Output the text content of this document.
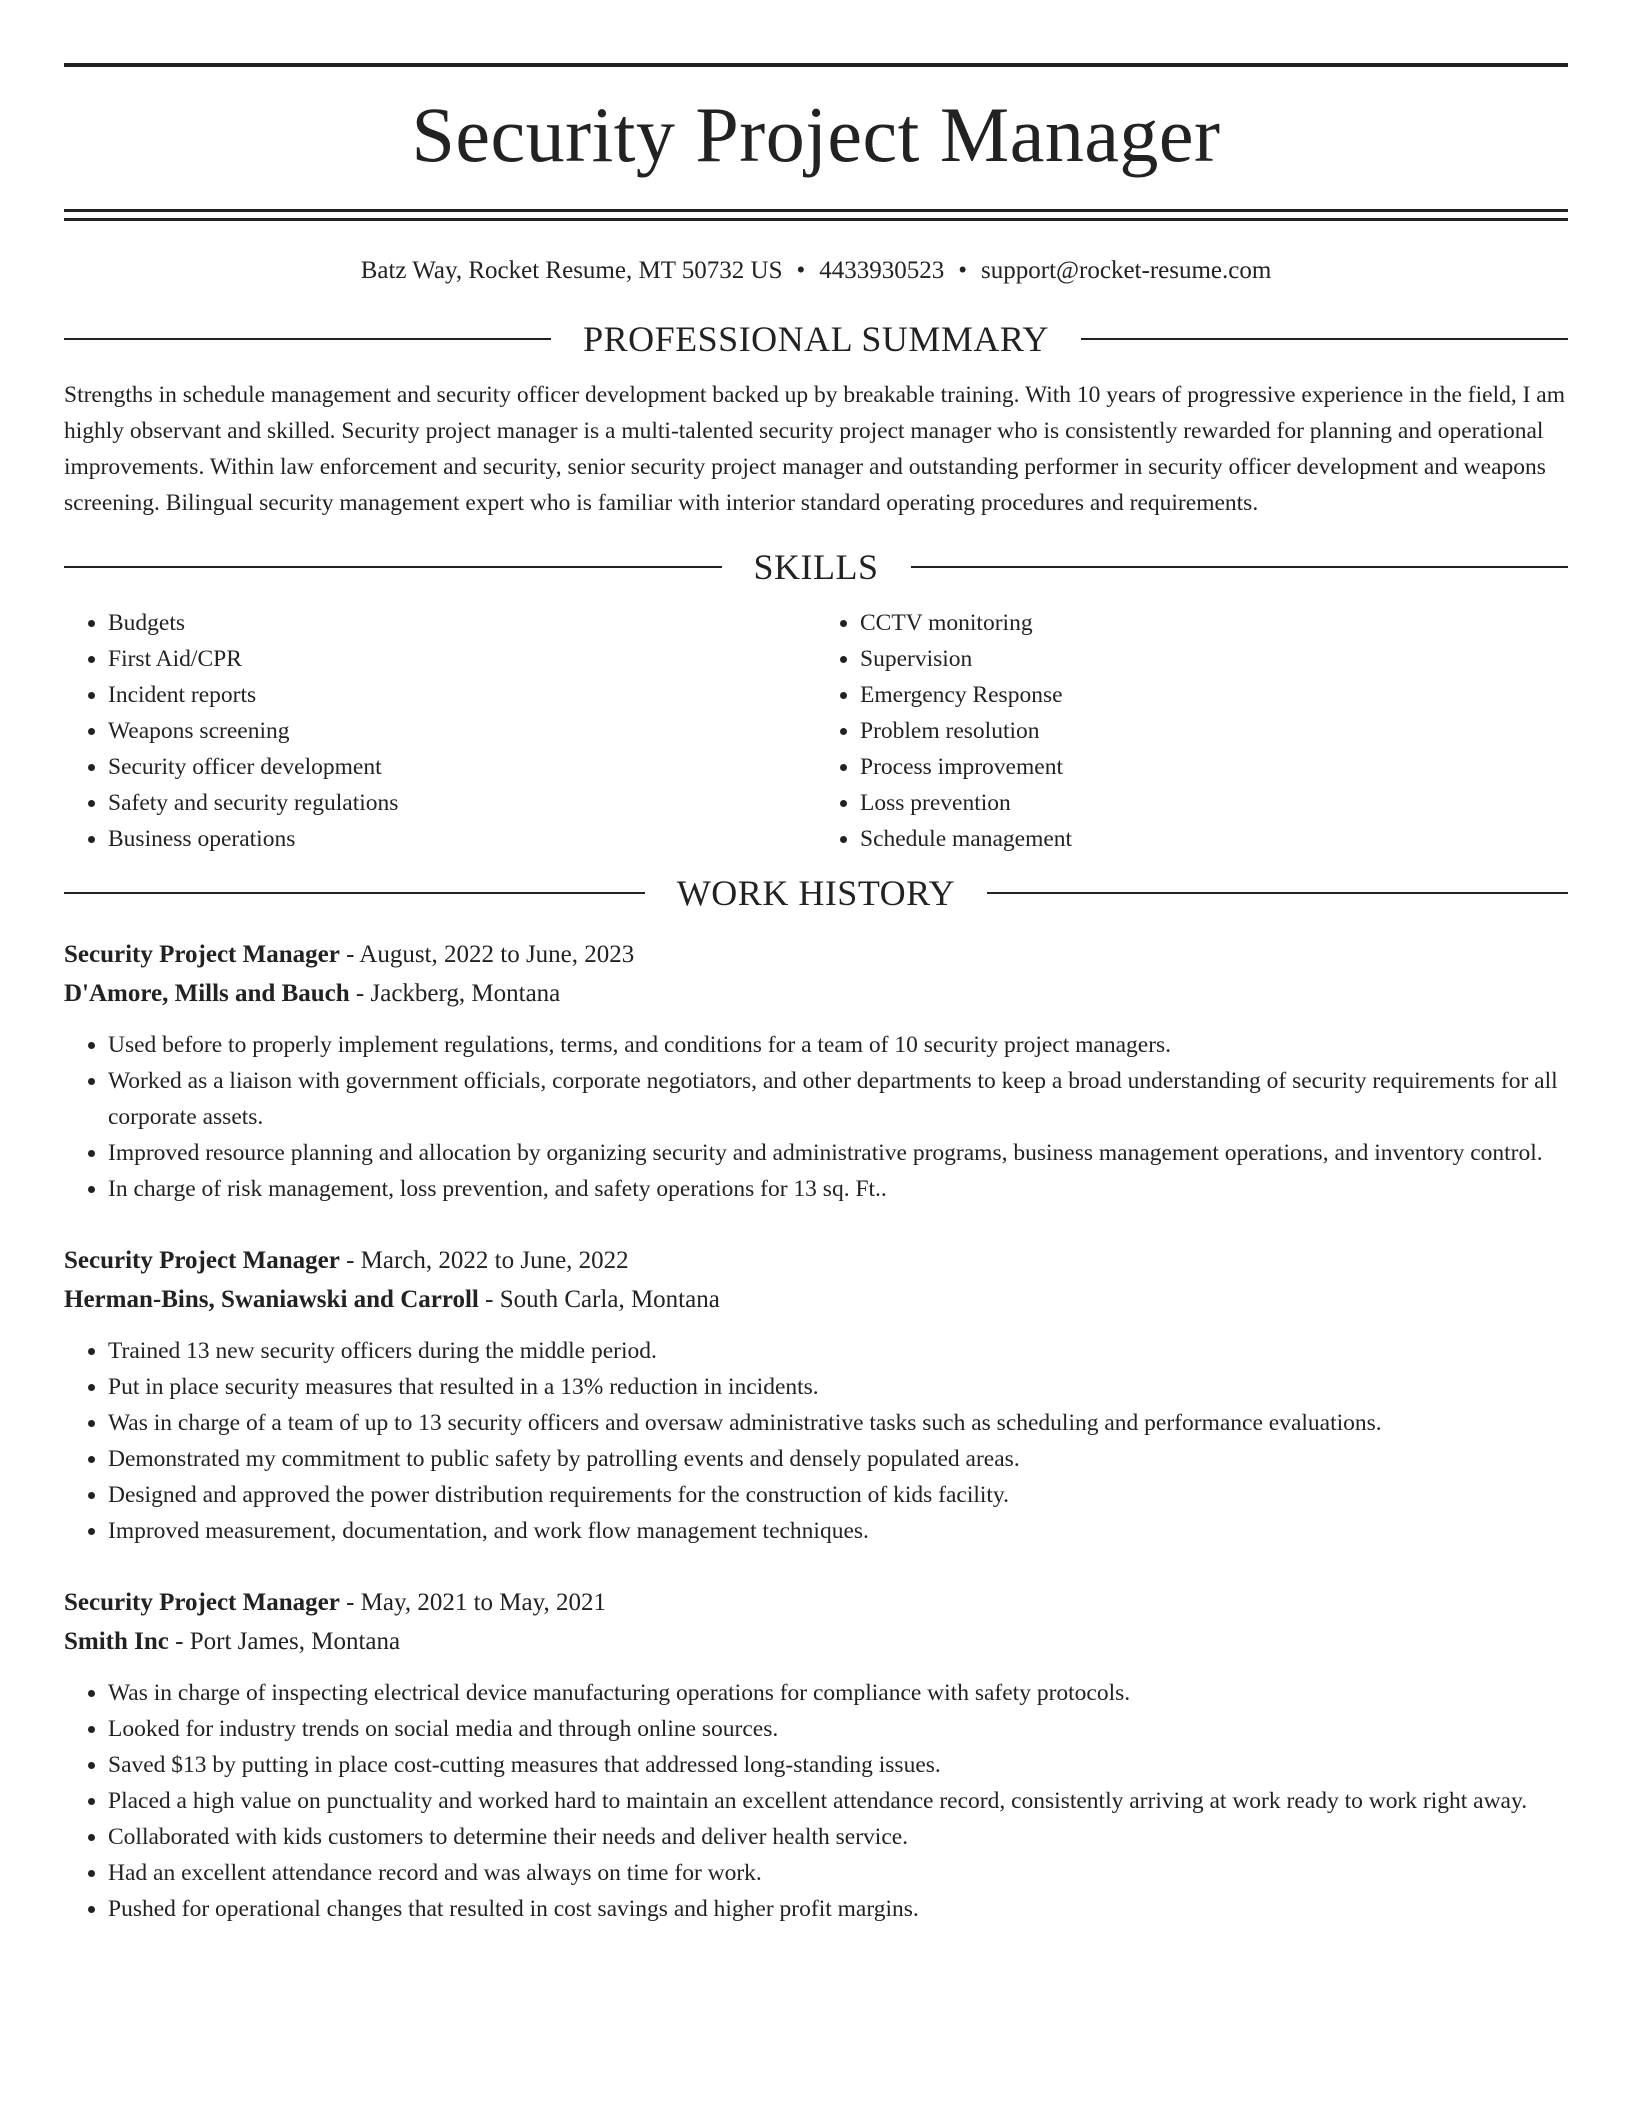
Security Project Manager
Batz Way, Rocket Resume, MT 50732 US • 4433930523 • support@rocket-resume.com
PROFESSIONAL SUMMARY

Strengths in schedule management and security officer development backed up by breakable training. With 10 years of progressive experience in the field, I am highly observant and skilled. Security project manager is a multi-talented security project manager who is consistently rewarded for planning and operational improvements. Within law enforcement and security, senior security project manager and outstanding performer in security officer development and weapons screening. Bilingual security management expert who is familiar with interior standard operating procedures and requirements.

SKILLS
• Budgets
• First Aid/CPR
• Incident reports
• Weapons screening
• Security officer development
• Safety and security regulations
• Business operations
• CCTV monitoring
• Supervision
• Emergency Response
• Problem resolution
• Process improvement
• Loss prevention
• Schedule management
WORK HISTORY
Security Project Manager - August, 2022 to June, 2023
D'Amore, Mills and Bauch - Jackberg, Montana
• Used before to properly implement regulations, terms, and conditions for a team of 10 security project managers.
• Worked as a liaison with government officials, corporate negotiators, and other departments to keep a broad understanding of security requirements for all corporate assets.
• Improved resource planning and allocation by organizing security and administrative programs, business management operations, and inventory control.
• In charge of risk management, loss prevention, and safety operations for 13 sq. Ft..
Security Project Manager - March, 2022 to June, 2022
Herman-Bins, Swaniawski and Carroll - South Carla, Montana
• Trained 13 new security officers during the middle period.
• Put in place security measures that resulted in a 13% reduction in incidents.
• Was in charge of a team of up to 13 security officers and oversaw administrative tasks such as scheduling and performance evaluations.
• Demonstrated my commitment to public safety by patrolling events and densely populated areas.
• Designed and approved the power distribution requirements for the construction of kids facility.
• Improved measurement, documentation, and work flow management techniques.
Security Project Manager - May, 2021 to May, 2021
Smith Inc - Port James, Montana
• Was in charge of inspecting electrical device manufacturing operations for compliance with safety protocols.
• Looked for industry trends on social media and through online sources.
• Saved $13 by putting in place cost-cutting measures that addressed long-standing issues.
• Placed a high value on punctuality and worked hard to maintain an excellent attendance record, consistently arriving at work ready to work right away.
• Collaborated with kids customers to determine their needs and deliver health service.
• Had an excellent attendance record and was always on time for work.
• Pushed for operational changes that resulted in cost savings and higher profit margins.
